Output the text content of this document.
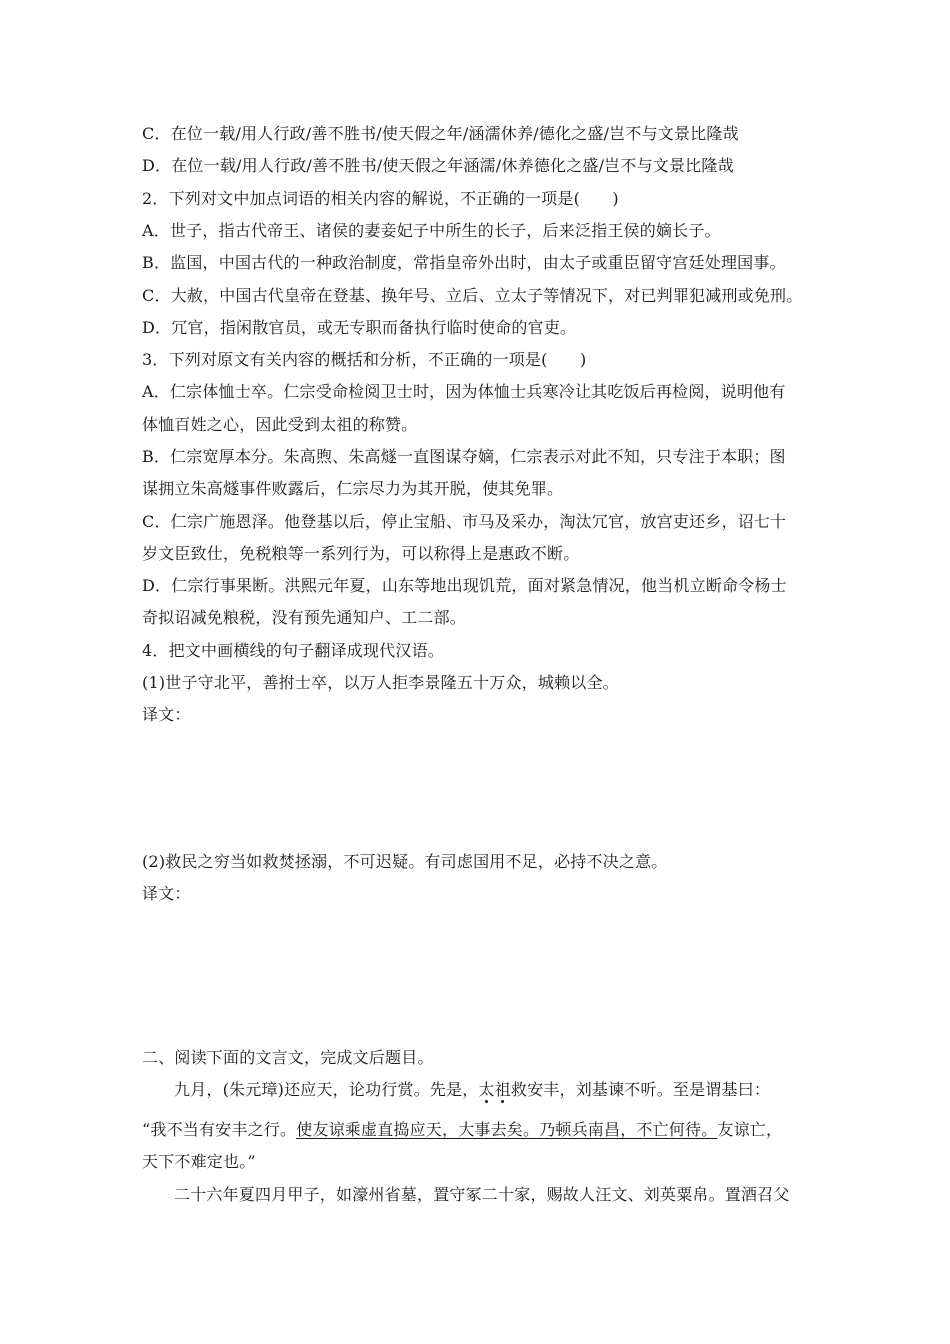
C．在位一载/用人行政/善不胜书/使天假之年/涵濡休养/德化之盛/岂不与文景比隆哉
D．在位一载/用人行政/善不胜书/使天假之年涵濡/休养德化之盛/岂不与文景比隆哉
2．下列对文中加点词语的相关内容的解说，不正确的一项是(　　)
A．世子，指古代帝王、诸侯的妻妾妃子中所生的长子，后来泛指王侯的嫡长子。
B．监国，中国古代的一种政治制度，常指皇帝外出时，由太子或重臣留守宫廷处理国事。
C．大赦，中国古代皇帝在登基、换年号、立后、立太子等情况下，对已判罪犯减刑或免刑。
D．冗官，指闲散官员，或无专职而备执行临时使命的官吏。
3．下列对原文有关内容的概括和分析，不正确的一项是(　　)
A．仁宗体恤士卒。仁宗受命检阅卫士时，因为体恤士兵寒冷让其吃饭后再检阅，说明他有
体恤百姓之心，因此受到太祖的称赞。
B．仁宗宽厚本分。朱高煦、朱高燧一直图谋夺嫡，仁宗表示对此不知，只专注于本职；图
谋拥立朱高燧事件败露后，仁宗尽力为其开脱，使其免罪。
C．仁宗广施恩泽。他登基以后，停止宝船、市马及采办，淘汰冗官，放宫吏还乡，诏七十
岁文臣致仕，免税粮等一系列行为，可以称得上是惠政不断。
D．仁宗行事果断。洪熙元年夏，山东等地出现饥荒，面对紧急情况，他当机立断命令杨士
奇拟诏减免粮税，没有预先通知户、工二部。
4．把文中画横线的句子翻译成现代汉语。
(1)世子守北平，善拊士卒，以万人拒李景隆五十万众，城赖以全。
译文：
(2)救民之穷当如救焚拯溺，不可迟疑。有司虑国用不足，必持不决之意。
译文：
二、阅读下面的文言文，完成文后题目。
九月，(朱元璋)还应天，论功行赏。先是，太祖救安丰，刘基谏不听。至是谓基曰：
“我不当有安丰之行。使友谅乘虚直捣应天，大事去矣。乃顿兵南昌，不亡何待。友谅亡，
天下不难定也。”
二十六年夏四月甲子，如濠州省墓，置守冢二十家，赐故人汪文、刘英粟帛。置酒召父
